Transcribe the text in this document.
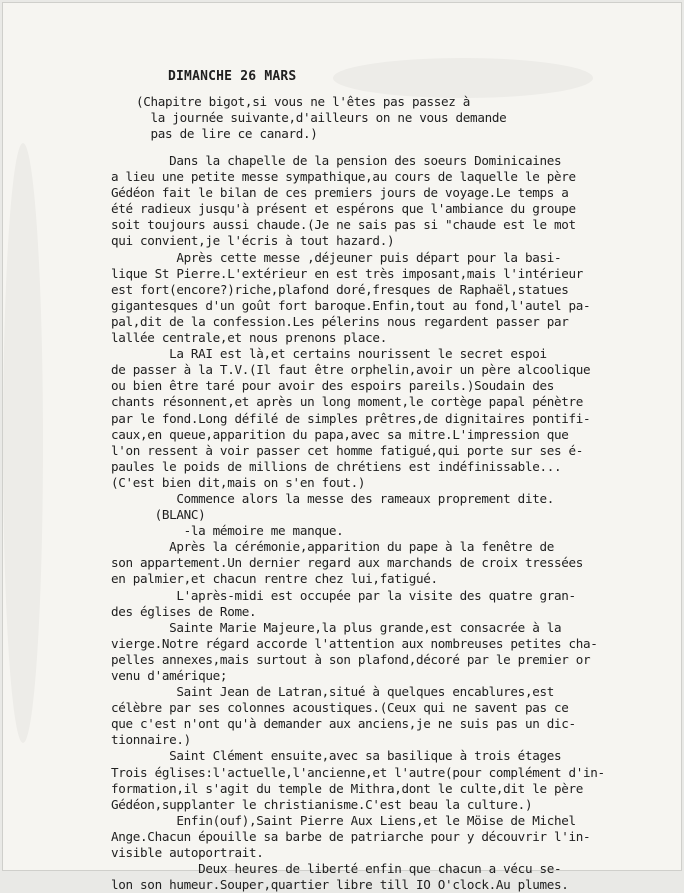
DIMANCHE 26 MARS
(Chapitre bigot,si vous ne l'êtes pas passez à
la journée suivante,d'ailleurs on ne vous demande
pas de lire ce canard.)
Dans la chapelle de la pension des soeurs Dominicaines
a lieu une petite messe sympathique,au cours de laquelle le père
Gédéon fait le bilan de ces premiers jours de voyage.Le temps a
été radieux jusqu'à présent et espérons que l'ambiance du groupe
soit toujours aussi chaude.(Je ne sais pas si "chaude est le mot
qui convient,je l'écris à tout hazard.)
Après cette messe ,déjeuner puis départ pour la basi-
lique St Pierre.L'extérieur en est très imposant,mais l'intérieur
est fort(encore?)riche,plafond doré,fresques de Raphaël,statues
gigantesques d'un goût fort baroque.Enfin,tout au fond,l'autel pa-
pal,dit de la confession.Les pélerins nous regardent passer par
lallée centrale,et nous prenons place.
La RAI est là,et certains nourissent le secret espoi
de passer à la T.V.(Il faut être orphelin,avoir un père alcoolique
ou bien être taré pour avoir des espoirs pareils.)Soudain des
chants résonnent,et après un long moment,le cortège papal pénètre
par le fond.Long défilé de simples prêtres,de dignitaires pontifi-
caux,en queue,apparition du papa,avec sa mitre.L'impression que
l'on ressent à voir passer cet homme fatigué,qui porte sur ses é-
paules le poids de millions de chrétiens est indéfinissable...
(C'est bien dit,mais on s'en fout.)
Commence alors la messe des rameaux proprement dite.
(BLANC)
-la mémoire me manque.
Après la cérémonie,apparition du pape à la fenêtre de
son appartement.Un dernier regard aux marchands de croix tressées
en palmier,et chacun rentre chez lui,fatigué.
L'après-midi est occupée par la visite des quatre gran-
des églises de Rome.
Sainte Marie Majeure,la plus grande,est consacrée à la
vierge.Notre régard accorde l'attention aux nombreuses petites cha-
pelles annexes,mais surtout à son plafond,décoré par le premier or
venu d'amérique;
Saint Jean de Latran,situé à quelques encablures,est
célèbre par ses colonnes acoustiques.(Ceux qui ne savent pas ce
que c'est n'ont qu'à demander aux anciens,je ne suis pas un dic-
tionnaire.)
Saint Clément ensuite,avec sa basilique à trois étages
Trois églises:l'actuelle,l'ancienne,et l'autre(pour complément d'in-
formation,il s'agit du temple de Mithra,dont le culte,dit le père
Gédéon,supplanter le christianisme.C'est beau la culture.)
Enfin(ouf),Saint Pierre Aux Liens,et le Möise de Michel
Ange.Chacun épouille sa barbe de patriarche pour y découvrir l'in-
visible autoportrait.
Deux heures de liberté enfin que chacun a vécu se-
lon son humeur.Souper,quartier libre till IO O'clock.Au plumes.
